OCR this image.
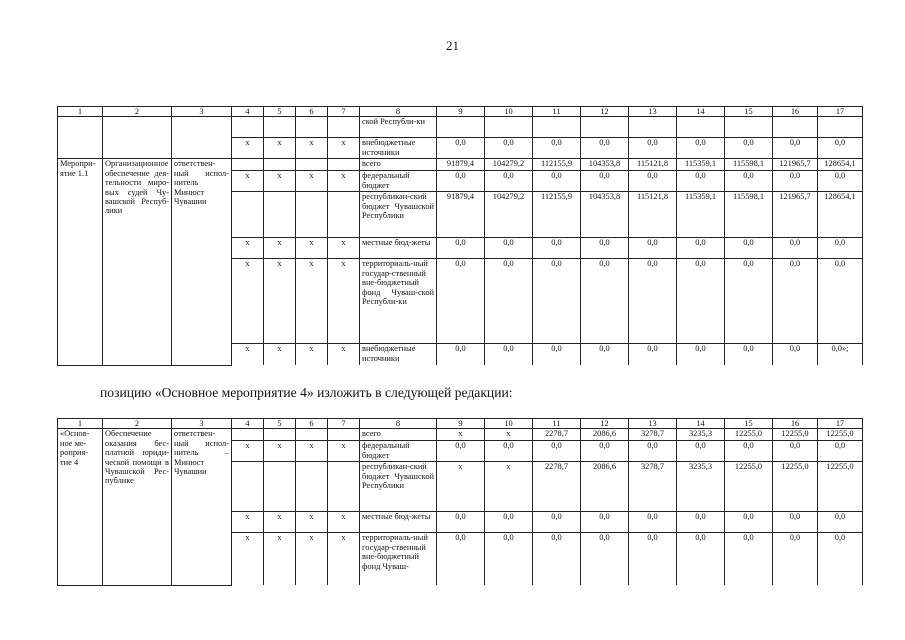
21
1	2	3	4	5	6	7	8	9	10	11	12	13	14	15	16	17
							ской Республи-ки									
			x	x	x	x	внебюджетные источники	0,0	0,0	0,0	0,0	0,0	0,0	0,0	0,0	0,0
Меропри-ятие 1.1	Организационное обеспечение дея-тельности миро-вых судей Чу-вашской Респуб-лики	ответствен-ный испол-нитель Минюст Чувашии					всего	91879,4	104279,2	112155,9	104353,8	115121,8	115359,1	115598,1	121965,7	128654,1
			x	x	x	x	федеральный бюджет	0,0	0,0	0,0	0,0	0,0	0,0	0,0	0,0	0,0
							республикан-ский бюджет Чувашской Республики	91879,4	104279,2	112155,9	104353,8	115121,8	115359,1	115598,1	121965,7	128654,1
			x	x	x	x	местные бюд-жеты	0,0	0,0	0,0	0,0	0,0	0,0	0,0	0,0	0,0
			x	x	x	x	территориаль-ный государ-ственный вне-бюджетный фонд Чуваш-ской Республи-ки	0,0	0,0	0,0	0,0	0,0	0,0	0,0	0,0	0,0
			x	x	x	x	внебюджетные источники	0,0	0,0	0,0	0,0	0,0	0,0	0,0	0,0	0,0»;
позицию «Основное мероприятие 4» изложить в следующей редакции:
1	2	3	4	5	6	7	8	9	10	11	12	13	14	15	16	17
«Основ-ное ме-роприя-тие 4	Обеспечение оказания бес-платной юриди-ческой помощи в Чувашской Рес-публике	ответствен-ный испол-нитель – Минюст Чувашии					всего	x	x	2278,7	2086,6	3278,7	3235,3	12255,0	12255,0	12255,0
			x	x	x	x	федеральный бюджет	0,0	0,0	0,0	0,0	0,0	0,0	0,0	0,0	0,0
							республикан-ский бюджет Чувашской Республики	x	x	2278,7	2086,6	3278,7	3235,3	12255,0	12255,0	12255,0
			x	x	x	x	местные бюд-жеты	0,0	0,0	0,0	0,0	0,0	0,0	0,0	0,0	0,0
			x	x	x	x	территориаль-ный государ-ственный вне-бюджетный фонд Чуваш-	0,0	0,0	0,0	0,0	0,0	0,0	0,0	0,0	0,0
